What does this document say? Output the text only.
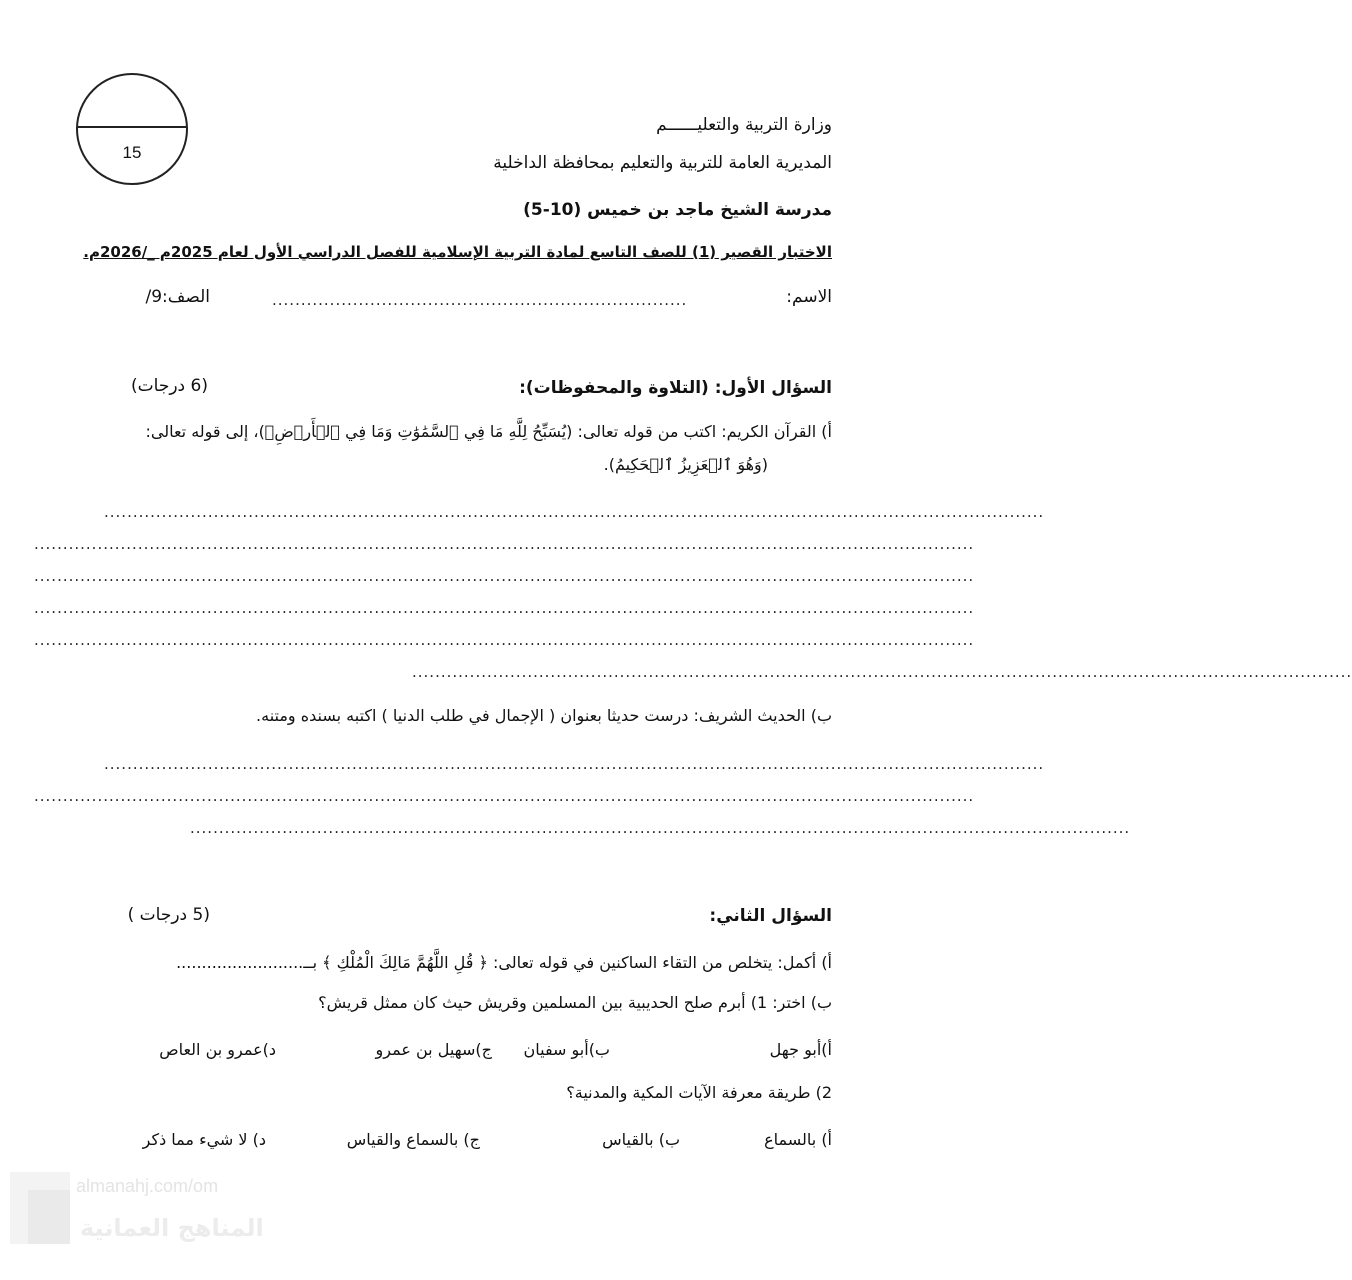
15
وزارة التربية والتعليــــــم
المديرية العامة للتربية والتعليم بمحافظة الداخلية
مدرسة الشيخ ماجد بن خميس (10-5)
الاختبار القصير (1) للصف التاسع لمادة التربية الإسلامية للفصل الدراسي الأول لعام 2025م _/2026م.
الاسم:
........................................................................
الصف:9/
السؤال الأول: (التلاوة والمحفوظات):
(6 درجات)
أ) القرآن الكريم: اكتب من قوله تعالى: (يُسَبِّحُ لِلَّهِ مَا فِي ٱلسَّمَٰوَٰتِ وَمَا فِي ٱلۡأَرۡضِۖ)، إلى قوله تعالى:
(وَهُوَ ٱلۡعَزِيزُ ٱلۡحَكِيمُ).
...................................................................................................................................................................
...................................................................................................................................................................
...................................................................................................................................................................
...................................................................................................................................................................
...................................................................................................................................................................
...................................................................................................................................................................
ب) الحديث الشريف: درست حديثا بعنوان ( الإجمال في طلب الدنيا ) اكتبه بسنده ومتنه.
...................................................................................................................................................................
...................................................................................................................................................................
...................................................................................................................................................................
السؤال الثاني:
(5 درجات )
أ) أكمل: يتخلص من التقاء الساكنين في قوله تعالى: ﴿ قُلِ اللَّهُمَّ مَالِكَ الْمُلْكِ ﴾ بــ.........................
ب) اختر: 1) أبرم صلح الحديبية بين المسلمين وقريش حيث كان ممثل قريش؟
أ)أبو جهل
ب)أبو سفيان
ج)سهيل بن عمرو
د)عمرو بن العاص
2) طريقة معرفة الآيات المكية والمدنية؟
أ) بالسماع
ب) بالقياس
ج) بالسماع والقياس
د) لا شيء مما ذكر
almanahj.com/om
المناهج العمانية
